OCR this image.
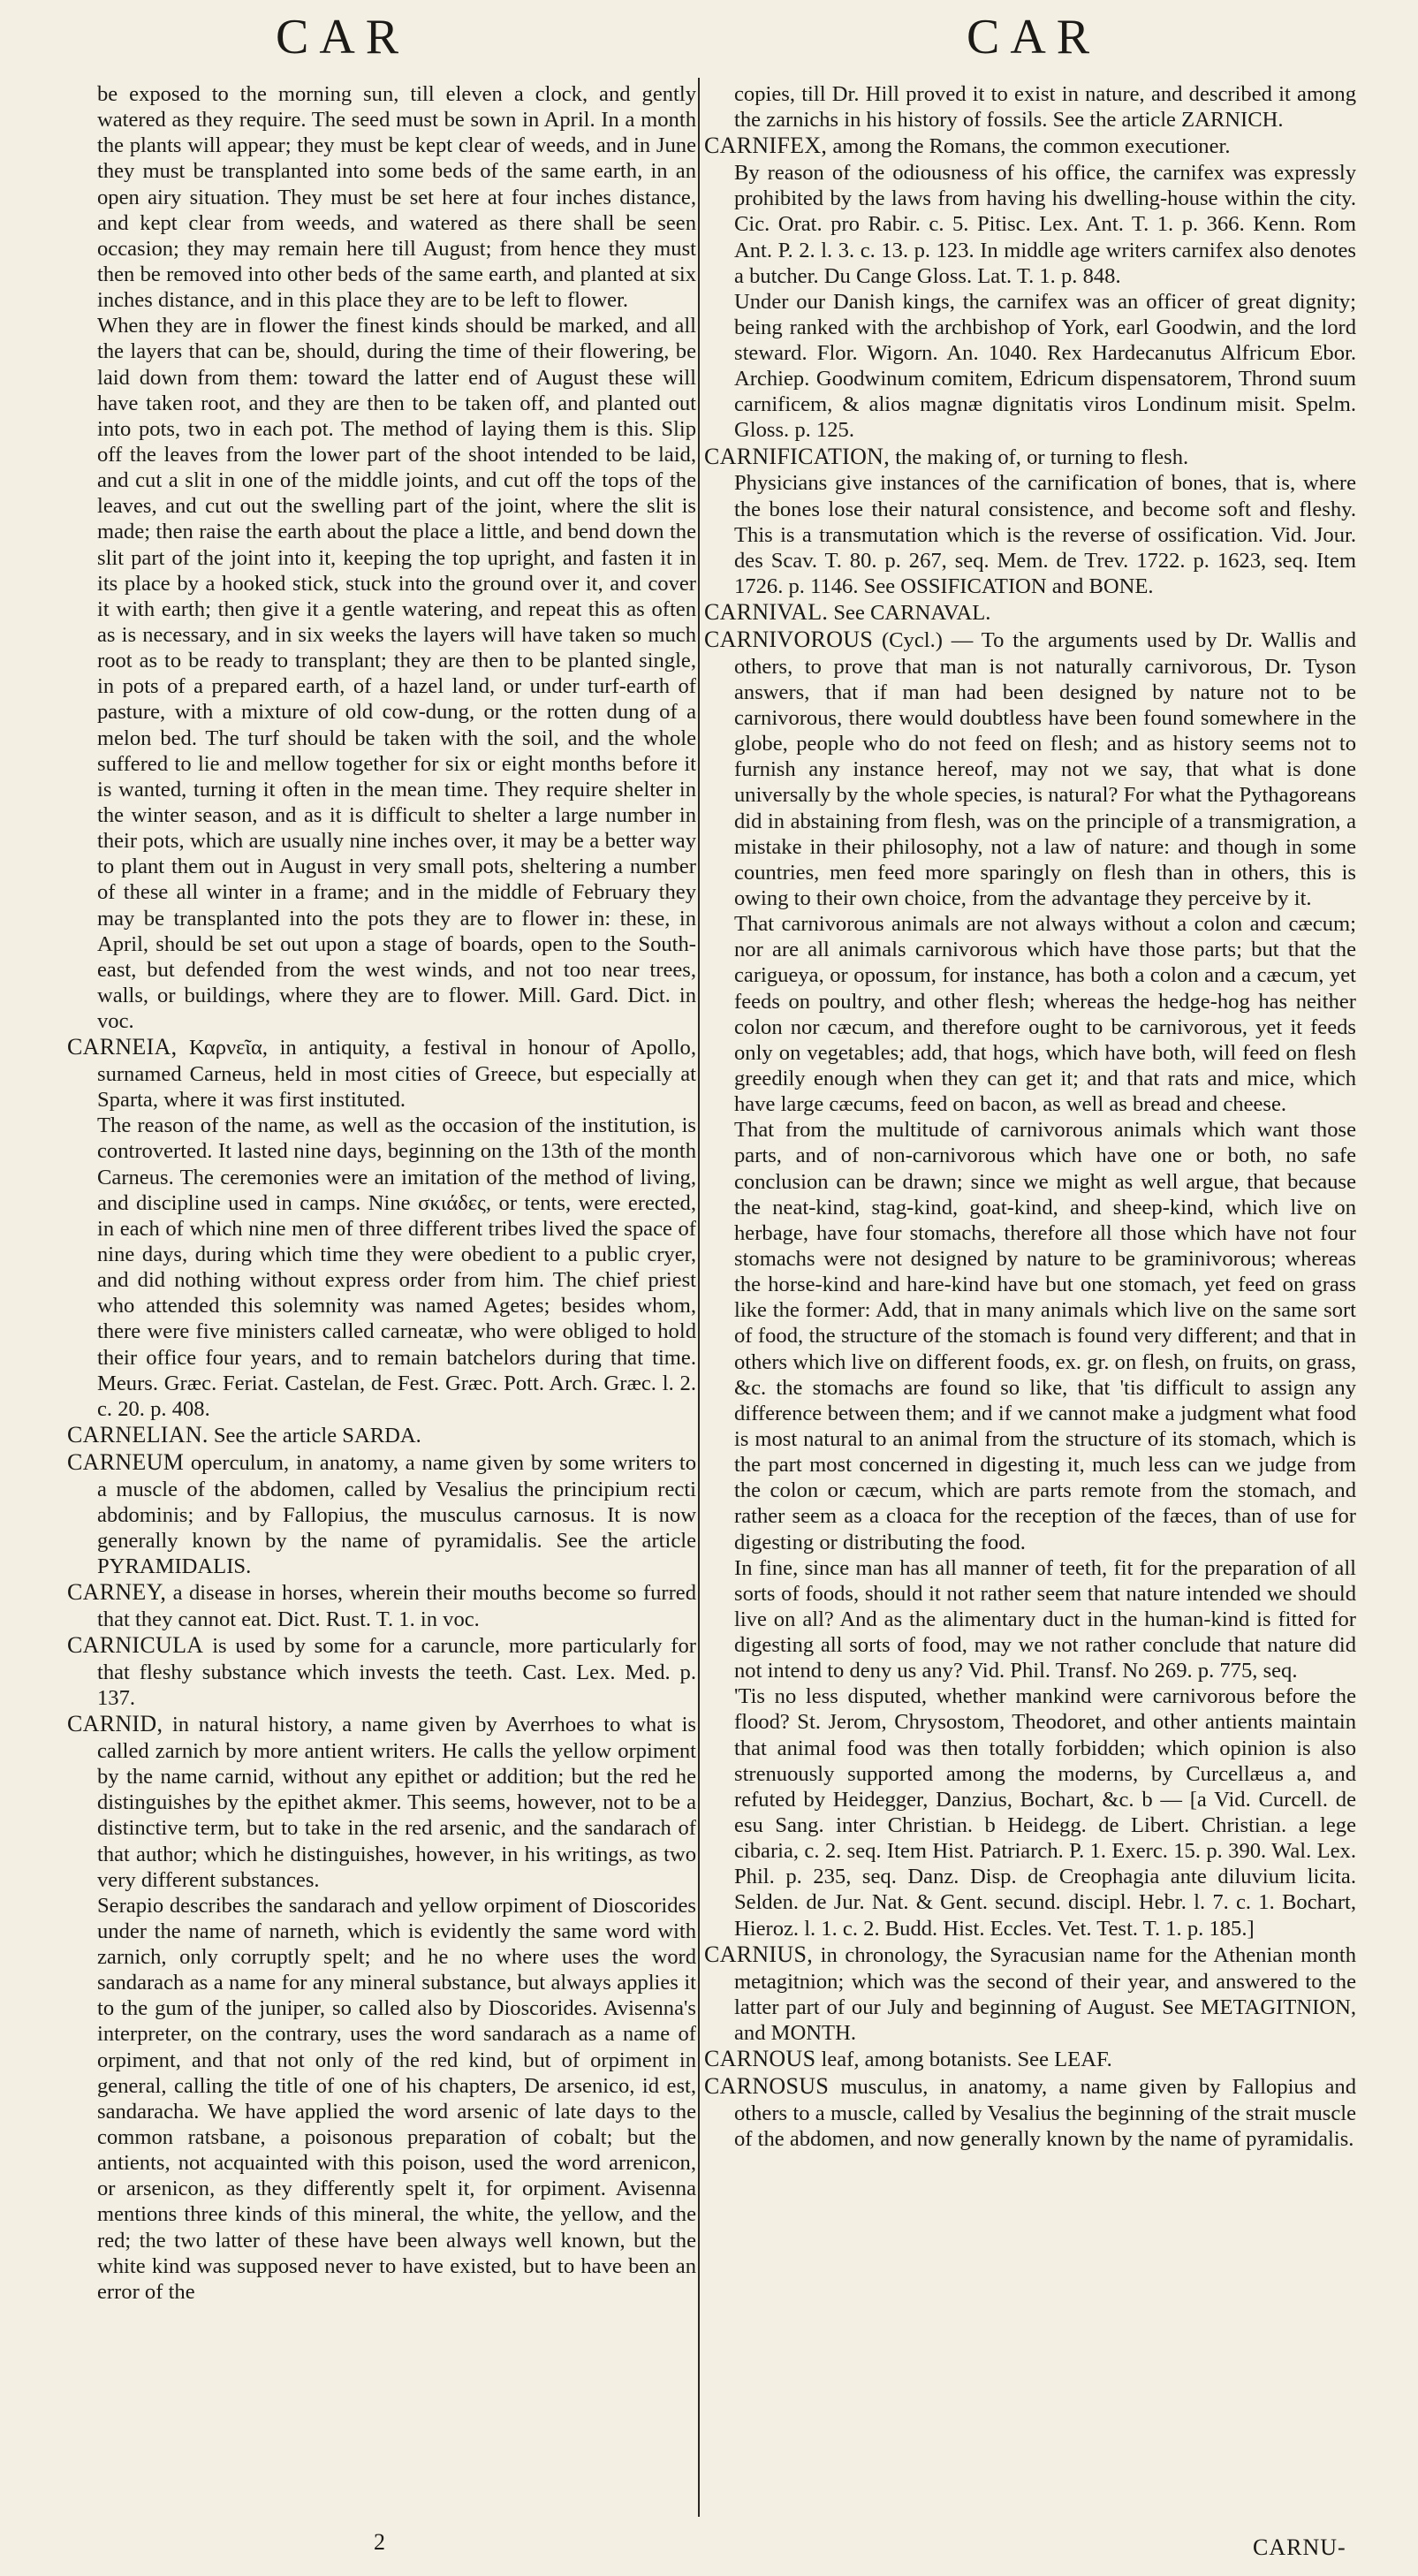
CAR	CAR

be exposed to the morning sun, till eleven a clock, and gently watered as they require. The seed must be sown in April. In a month the plants will appear; they must be kept clear of weeds, and in June they must be transplanted into some beds of the same earth, in an open airy situation. They must be set here at four inches distance, and kept clear from weeds, and watered as there shall be seen occasion; they may remain here till August; from hence they must then be removed into other beds of the same earth, and planted at six inches distance, and in this place they are to be left to flower.

When they are in flower the finest kinds should be marked, and all the layers that can be, should, during the time of their flowering, be laid down from them: toward the latter end of August these will have taken root, and they are then to be taken off, and planted out into pots, two in each pot. The method of laying them is this. Slip off the leaves from the lower part of the shoot intended to be laid, and cut a slit in one of the middle joints, and cut off the tops of the leaves, and cut out the swelling part of the joint, where the slit is made; then raise the earth about the place a little, and bend down the slit part of the joint into it, keeping the top upright, and fasten it in its place by a hooked stick, stuck into the ground over it, and cover it with earth; then give it a gentle watering, and repeat this as often as is necessary, and in six weeks the layers will have taken so much root as to be ready to transplant; they are then to be planted single, in pots of a prepared earth, of a hazel land, or under turf-earth of pasture, with a mixture of old cow-dung, or the rotten dung of a melon bed. The turf should be taken with the soil, and the whole suffered to lie and mellow together for six or eight months before it is wanted, turning it often in the mean time. They require shelter in the winter season, and as it is difficult to shelter a large number in their pots, which are usually nine inches over, it may be a better way to plant them out in August in very small pots, sheltering a number of these all winter in a frame; and in the middle of February they may be transplanted into the pots they are to flower in: these, in April, should be set out upon a stage of boards, open to the South-east, but defended from the west winds, and not too near trees, walls, or buildings, where they are to flower. Mill. Gard. Dict. in voc.

CARNEIA, Καρνεῖα, in antiquity, a festival in honour of Apollo, surnamed Carneus, held in most cities of Greece, but especially at Sparta, where it was first instituted.

The reason of the name, as well as the occasion of the institution, is controverted. It lasted nine days, beginning on the 13th of the month Carneus. The ceremonies were an imitation of the method of living, and discipline used in camps. Nine σκιάδες, or tents, were erected, in each of which nine men of three different tribes lived the space of nine days, during which time they were obedient to a public cryer, and did nothing without express order from him. The chief priest who attended this solemnity was named Agetes; besides whom, there were five ministers called carneatæ, who were obliged to hold their office four years, and to remain batchelors during that time. Meurs. Græc. Feriat. Castelan, de Fest. Græc. Pott. Arch. Græc. l. 2. c. 20. p. 408.

CARNELIAN. See the article SARDA.

CARNEUM operculum, in anatomy, a name given by some writers to a muscle of the abdomen, called by Vesalius the principium recti abdominis; and by Fallopius, the musculus carnosus. It is now generally known by the name of pyramidalis. See the article PYRAMIDALIS.

CARNEY, a disease in horses, wherein their mouths become so furred that they cannot eat. Dict. Rust. T. 1. in voc.

CARNICULA is used by some for a caruncle, more particularly for that fleshy substance which invests the teeth. Cast. Lex. Med. p. 137.

CARNID, in natural history, a name given by Averrhoes to what is called zarnich by more antient writers. He calls the yellow orpiment by the name carnid, without any epithet or addition; but the red he distinguishes by the epithet akmer. This seems, however, not to be a distinctive term, but to take in the red arsenic, and the sandarach of that author; which he distinguishes, however, in his writings, as two very different substances.

Serapio describes the sandarach and yellow orpiment of Dioscorides under the name of narneth, which is evidently the same word with zarnich, only corruptly spelt; and he no where uses the word sandarach as a name for any mineral substance, but always applies it to the gum of the juniper, so called also by Dioscorides. Avisenna's interpreter, on the contrary, uses the word sandarach as a name of orpiment, and that not only of the red kind, but of orpiment in general, calling the title of one of his chapters, De arsenico, id est, sandaracha. We have applied the word arsenic of late days to the common ratsbane, a poisonous preparation of cobalt; but the antients, not acquainted with this poison, used the word arrenicon, or arsenicon, as they differently spelt it, for orpiment. Avisenna mentions three kinds of this mineral, the white, the yellow, and the red; the two latter of these have been always well known, but the white kind was supposed never to have existed, but to have been an error of the

copies, till Dr. Hill proved it to exist in nature, and described it among the zarnichs in his history of fossils. See the article ZARNICH.

CARNIFEX, among the Romans, the common executioner.

By reason of the odiousness of his office, the carnifex was expressly prohibited by the laws from having his dwelling-house within the city. Cic. Orat. pro Rabir. c. 5. Pitisc. Lex. Ant. T. 1. p. 366. Kenn. Rom Ant. P. 2. l. 3. c. 13. p. 123. In middle age writers carnifex also denotes a butcher. Du Cange Gloss. Lat. T. 1. p. 848.

Under our Danish kings, the carnifex was an officer of great dignity; being ranked with the archbishop of York, earl Goodwin, and the lord steward. Flor. Wigorn. An. 1040. Rex Hardecanutus Alfricum Ebor. Archiep. Goodwinum comitem, Edricum dispensatorem, Thrond suum carnificem, & alios magnæ dignitatis viros Londinum misit. Spelm. Gloss. p. 125.

CARNIFICATION, the making of, or turning to flesh.

Physicians give instances of the carnification of bones, that is, where the bones lose their natural consistence, and become soft and fleshy. This is a transmutation which is the reverse of ossification. Vid. Jour. des Scav. T. 80. p. 267, seq. Mem. de Trev. 1722. p. 1623, seq. Item 1726. p. 1146. See OSSIFICATION and BONE.

CARNIVAL. See CARNAVAL.

CARNIVOROUS (Cycl.) — To the arguments used by Dr. Wallis and others, to prove that man is not naturally carnivorous, Dr. Tyson answers, that if man had been designed by nature not to be carnivorous, there would doubtless have been found somewhere in the globe, people who do not feed on flesh; and as history seems not to furnish any instance hereof, may not we say, that what is done universally by the whole species, is natural? For what the Pythagoreans did in abstaining from flesh, was on the principle of a transmigration, a mistake in their philosophy, not a law of nature: and though in some countries, men feed more sparingly on flesh than in others, this is owing to their own choice, from the advantage they perceive by it.

That carnivorous animals are not always without a colon and cæcum; nor are all animals carnivorous which have those parts; but that the carigueya, or opossum, for instance, has both a colon and a cæcum, yet feeds on poultry, and other flesh; whereas the hedge-hog has neither colon nor cæcum, and therefore ought to be carnivorous, yet it feeds only on vegetables; add, that hogs, which have both, will feed on flesh greedily enough when they can get it; and that rats and mice, which have large cæcums, feed on bacon, as well as bread and cheese.

That from the multitude of carnivorous animals which want those parts, and of non-carnivorous which have one or both, no safe conclusion can be drawn; since we might as well argue, that because the neat-kind, stag-kind, goat-kind, and sheep-kind, which live on herbage, have four stomachs, therefore all those which have not four stomachs were not designed by nature to be graminivorous; whereas the horse-kind and hare-kind have but one stomach, yet feed on grass like the former: Add, that in many animals which live on the same sort of food, the structure of the stomach is found very different; and that in others which live on different foods, ex. gr. on flesh, on fruits, on grass, &c. the stomachs are found so like, that 'tis difficult to assign any difference between them; and if we cannot make a judgment what food is most natural to an animal from the structure of its stomach, which is the part most concerned in digesting it, much less can we judge from the colon or cæcum, which are parts remote from the stomach, and rather seem as a cloaca for the reception of the fæces, than of use for digesting or distributing the food.

In fine, since man has all manner of teeth, fit for the preparation of all sorts of foods, should it not rather seem that nature intended we should live on all? And as the alimentary duct in the human-kind is fitted for digesting all sorts of food, may we not rather conclude that nature did not intend to deny us any? Vid. Phil. Transf. No 269. p. 775, seq.

'Tis no less disputed, whether mankind were carnivorous before the flood? St. Jerom, Chrysostom, Theodoret, and other antients maintain that animal food was then totally forbidden; which opinion is also strenuously supported among the moderns, by Curcellæus a, and refuted by Heidegger, Danzius, Bochart, &c. b — [a Vid. Curcell. de esu Sang. inter Christian. b Heidegg. de Libert. Christian. a lege cibaria, c. 2. seq. Item Hist. Patriarch. P. 1. Exerc. 15. p. 390. Wal. Lex. Phil. p. 235, seq. Danz. Disp. de Creophagia ante diluvium licita. Selden. de Jur. Nat. & Gent. secund. discipl. Hebr. l. 7. c. 1. Bochart, Hieroz. l. 1. c. 2. Budd. Hist. Eccles. Vet. Test. T. 1. p. 185.]

CARNIUS, in chronology, the Syracusian name for the Athenian month metagitnion; which was the second of their year, and answered to the latter part of our July and beginning of August. See METAGITNION, and MONTH.

CARNOUS leaf, among botanists. See LEAF.

CARNOSUS musculus, in anatomy, a name given by Fallopius and others to a muscle, called by Vesalius the beginning of the strait muscle of the abdomen, and now generally known by the name of pyramidalis.

2	CARNU-
